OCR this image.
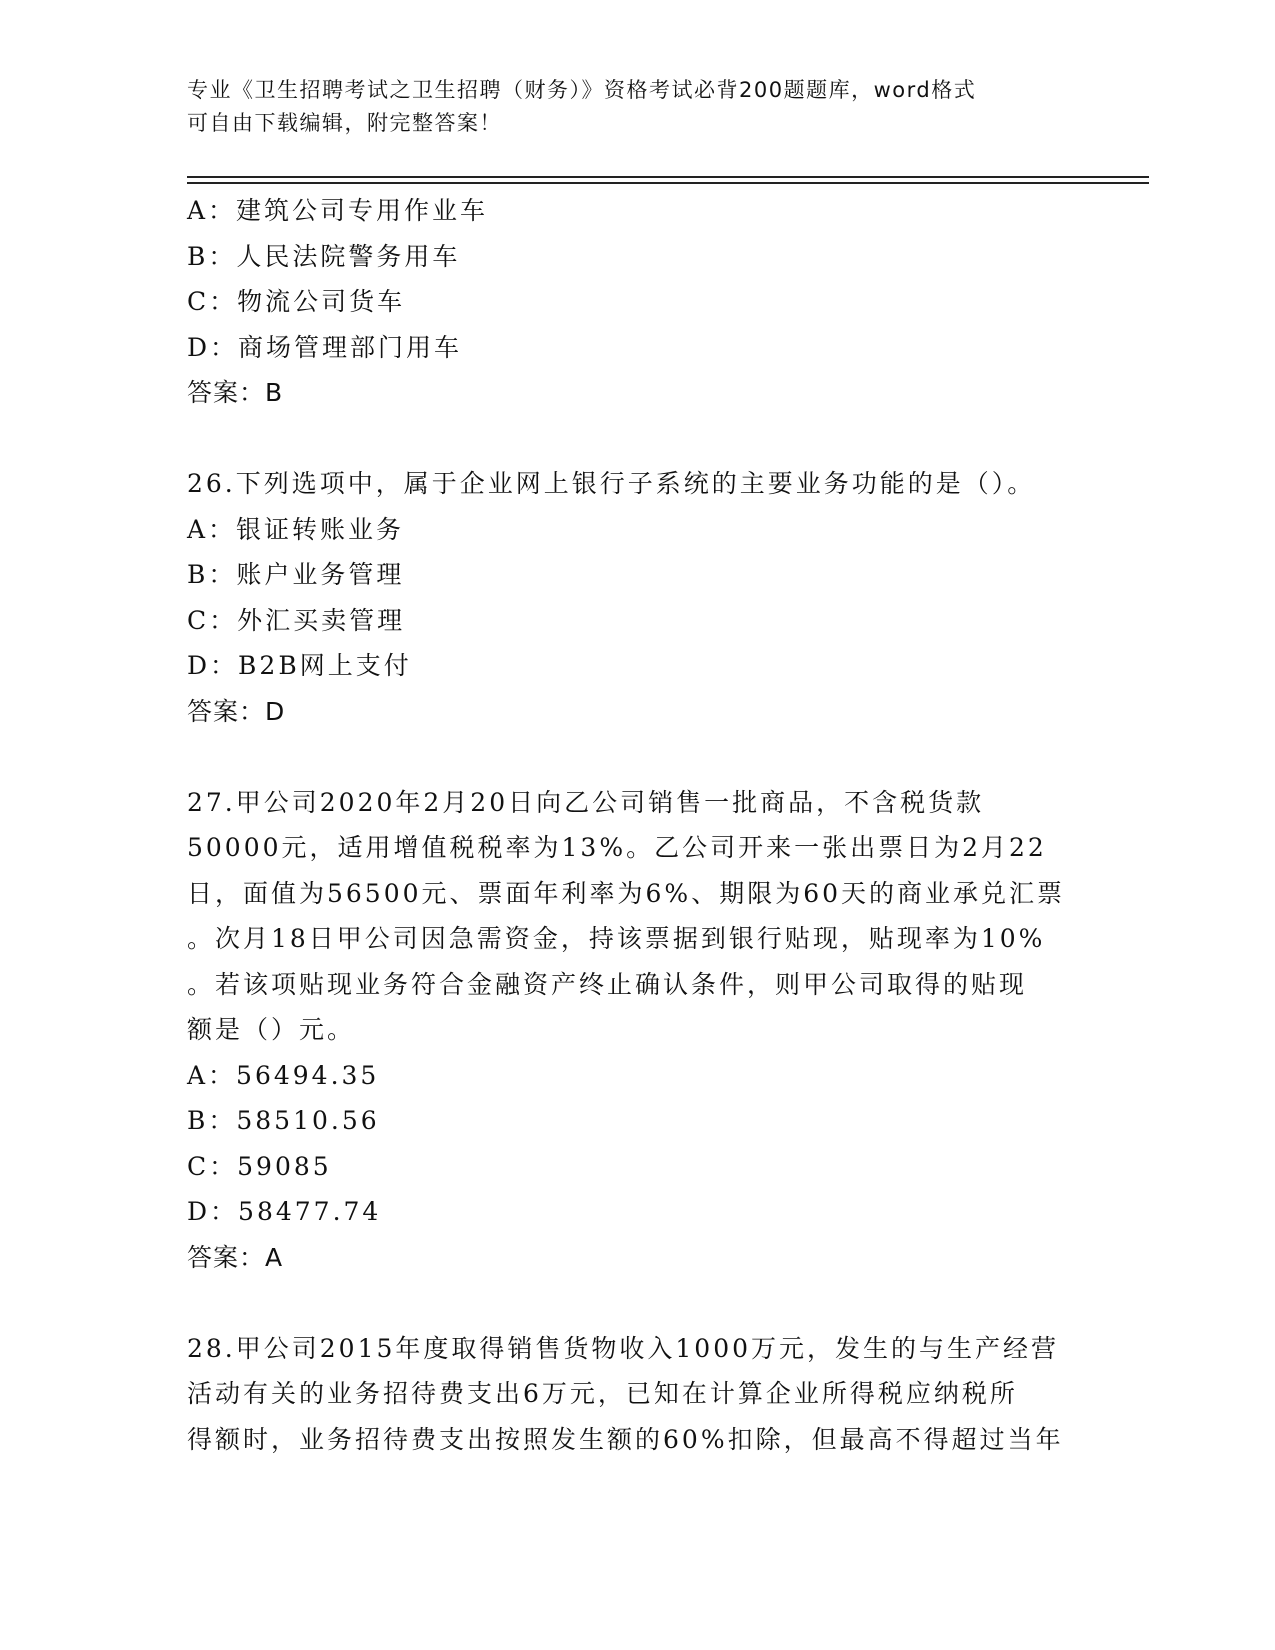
专业《卫生招聘考试之卫生招聘（财务）》资格考试必背200题题库，word格式
可自由下载编辑，附完整答案！
A：建筑公司专用作业车
B：人民法院警务用车
C：物流公司货车
D：商场管理部门用车
答案：B
26.下列选项中，属于企业网上银行子系统的主要业务功能的是（）。
A：银证转账业务
B：账户业务管理
C：外汇买卖管理
D：B2B网上支付
答案：D
27.甲公司2020年2月20日向乙公司销售一批商品，不含税货款
50000元，适用增值税税率为13%。乙公司开来一张出票日为2月22
日，面值为56500元、票面年利率为6%、期限为60天的商业承兑汇票
。次月18日甲公司因急需资金，持该票据到银行贴现，贴现率为10%
。若该项贴现业务符合金融资产终止确认条件，则甲公司取得的贴现
额是（）元。
A：56494.35
B：58510.56
C：59085
D：58477.74
答案：A
28.甲公司2015年度取得销售货物收入1000万元，发生的与生产经营
活动有关的业务招待费支出6万元，已知在计算企业所得税应纳税所
得额时，业务招待费支出按照发生额的60%扣除，但最高不得超过当年
